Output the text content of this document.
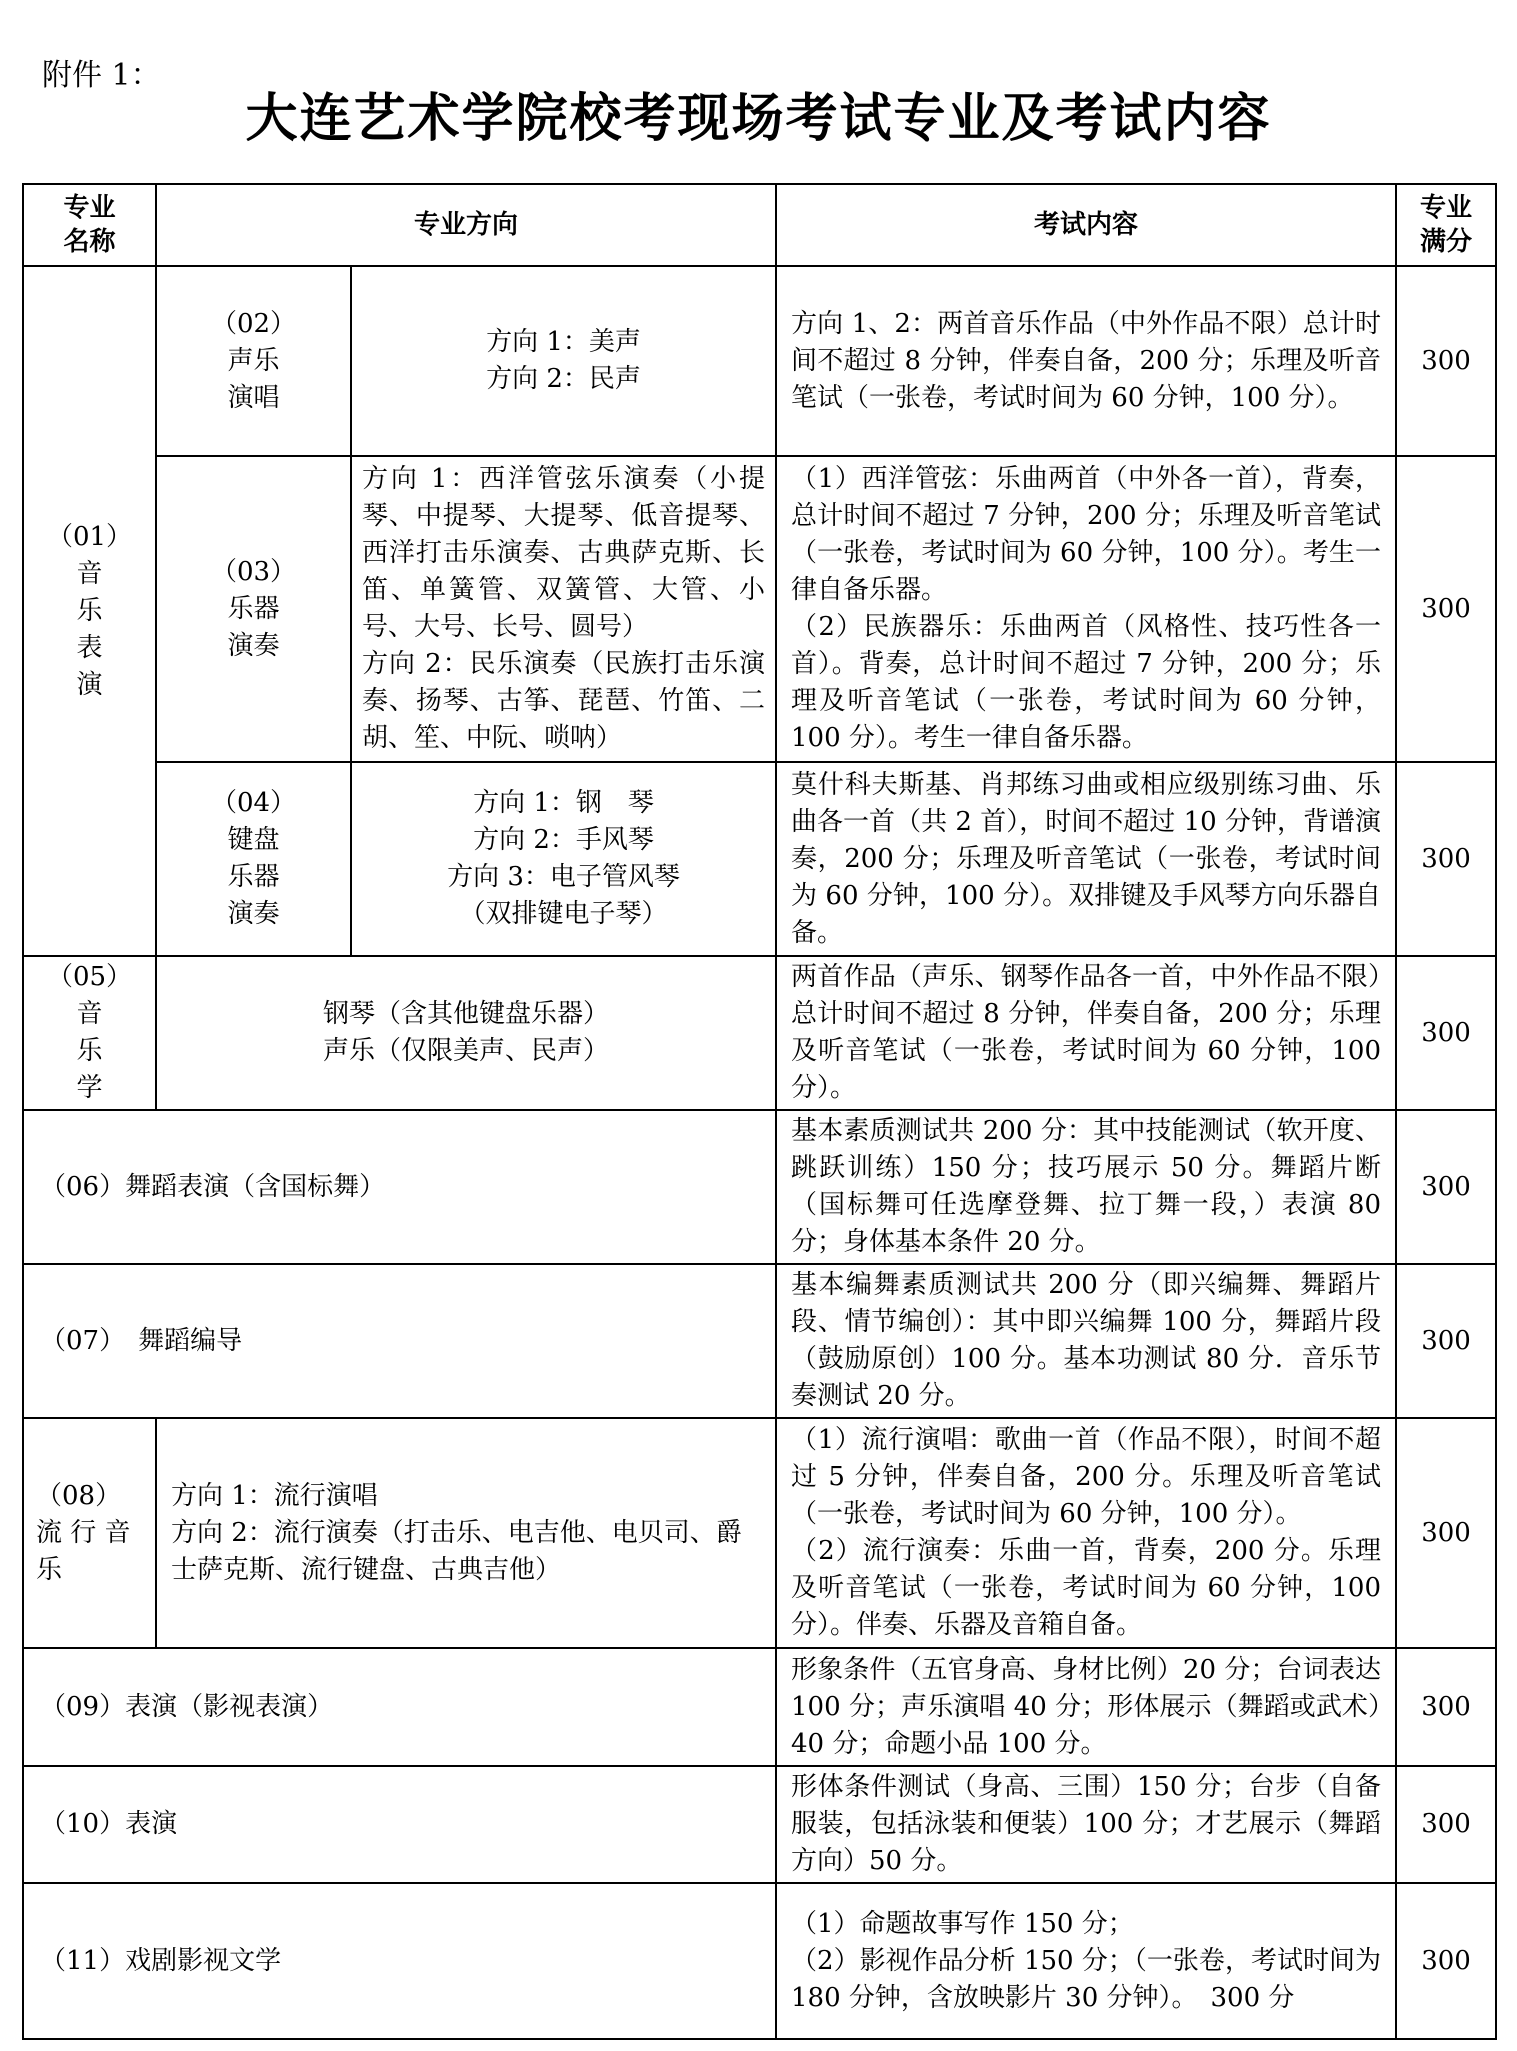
附件 1：
大连艺术学院校考现场考试专业及考试内容
专业
名称	专业方向		考试内容	专业
满分
（01）
音
乐
表
演	（02）
声乐
演唱	方向 1：美声
方向 2：民声	方向 1、2：两首音乐作品（中外作品不限）总计时间不超过 8 分钟，伴奏自备，200 分；乐理及听音笔试（一张卷，考试时间为 60 分钟，100 分）。	300
	（03）
乐器
演奏	方向 1：西洋管弦乐演奏（小提琴、中提琴、大提琴、低音提琴、西洋打击乐演奏、古典萨克斯、长笛、单簧管、双簧管、大管、小号、大号、长号、圆号）
方向 2：民乐演奏（民族打击乐演奏、扬琴、古筝、琵琶、竹笛、二胡、笙、中阮、唢呐）	（1）西洋管弦：乐曲两首（中外各一首），背奏，总计时间不超过 7 分钟，200 分；乐理及听音笔试（一张卷，考试时间为 60 分钟，100 分）。考生一律自备乐器。
（2）民族器乐：乐曲两首（风格性、技巧性各一首）。背奏，总计时间不超过 7 分钟，200 分；乐理及听音笔试（一张卷，考试时间为 60 分钟，100 分）。考生一律自备乐器。	300
	（04）
键盘
乐器
演奏	方向 1：钢　琴
方向 2：手风琴
方向 3：电子管风琴
（双排键电子琴）	莫什科夫斯基、肖邦练习曲或相应级别练习曲、乐曲各一首（共 2 首），时间不超过 10 分钟，背谱演奏，200 分；乐理及听音笔试（一张卷，考试时间为 60 分钟，100 分）。双排键及手风琴方向乐器自备。	300
（05）
音
乐
学	钢琴（含其他键盘乐器）
声乐（仅限美声、民声）		两首作品（声乐、钢琴作品各一首，中外作品不限）总计时间不超过 8 分钟，伴奏自备，200 分；乐理及听音笔试（一张卷，考试时间为 60 分钟，100 分）。	300
（06）舞蹈表演（含国标舞）			基本素质测试共 200 分：其中技能测试（软开度、跳跃训练）150 分；技巧展示 50 分。舞蹈片断（国标舞可任选摩登舞、拉丁舞一段，）表演 80 分；身体基本条件 20 分。	300
（07）　舞蹈编导			基本编舞素质测试共 200 分（即兴编舞、舞蹈片段、情节编创）：其中即兴编舞 100 分，舞蹈片段（鼓励原创）100 分。基本功测试 80 分．音乐节奏测试 20 分。	300
（08）
流 行 音
乐	方向 1：流行演唱
方向 2：流行演奏（打击乐、电吉他、电贝司、爵士萨克斯、流行键盘、古典吉他）		（1）流行演唱：歌曲一首（作品不限），时间不超过 5 分钟，伴奏自备，200 分。乐理及听音笔试（一张卷，考试时间为 60 分钟，100 分）。
（2）流行演奏：乐曲一首，背奏，200 分。乐理及听音笔试（一张卷，考试时间为 60 分钟，100 分）。伴奏、乐器及音箱自备。	300
（09）表演（影视表演）			形象条件（五官身高、身材比例）20 分；台词表达 100 分；声乐演唱 40 分；形体展示（舞蹈或武术）40 分；命题小品 100 分。	300
（10）表演			形体条件测试（身高、三围）150 分；台步（自备服装，包括泳装和便装）100 分；才艺展示（舞蹈方向）50 分。	300
（11）戏剧影视文学			（1）命题故事写作 150 分；
（2）影视作品分析 150 分；（一张卷，考试时间为 180 分钟，含放映影片 30 分钟）。　300 分	300
